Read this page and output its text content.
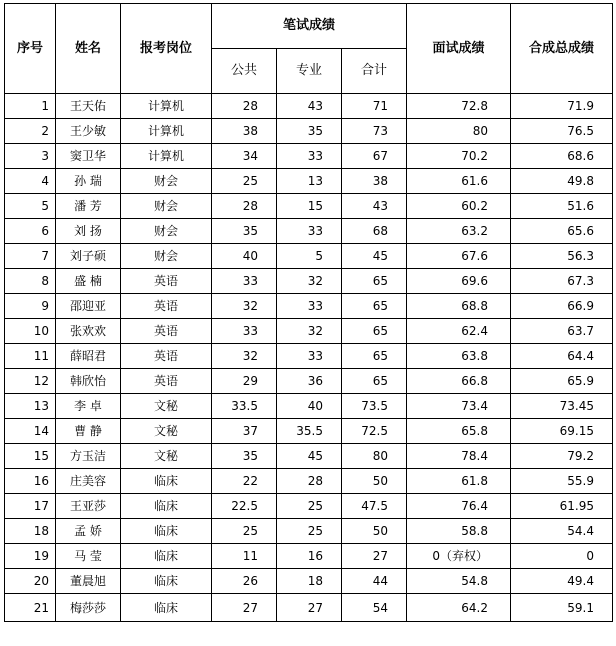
序号	姓名	报考岗位	笔试成绩			面试成绩	合成总成绩
			公共	专业	合计		
1	王天佑	计算机	28	43	71	72.8	71.9
2	王少敏	计算机	38	35	73	80	76.5
3	窦卫华	计算机	34	33	67	70.2	68.6
4	孙 瑞	财会	25	13	38	61.6	49.8
5	潘 芳	财会	28	15	43	60.2	51.6
6	刘 扬	财会	35	33	68	63.2	65.6
7	刘子硕	财会	40	5	45	67.6	56.3
8	盛 楠	英语	33	32	65	69.6	67.3
9	邵迎亚	英语	32	33	65	68.8	66.9
10	张欢欢	英语	33	32	65	62.4	63.7
11	薛昭君	英语	32	33	65	63.8	64.4
12	韩欣怡	英语	29	36	65	66.8	65.9
13	李 卓	文秘	33.5	40	73.5	73.4	73.45
14	曹 静	文秘	37	35.5	72.5	65.8	69.15
15	方玉洁	文秘	35	45	80	78.4	79.2
16	庄美容	临床	22	28	50	61.8	55.9
17	王亚莎	临床	22.5	25	47.5	76.4	61.95
18	孟 娇	临床	25	25	50	58.8	54.4
19	马 莹	临床	11	16	27	0（弃权）	0
20	董晨旭	临床	26	18	44	54.8	49.4
21	梅莎莎	临床	27	27	54	64.2	59.1
